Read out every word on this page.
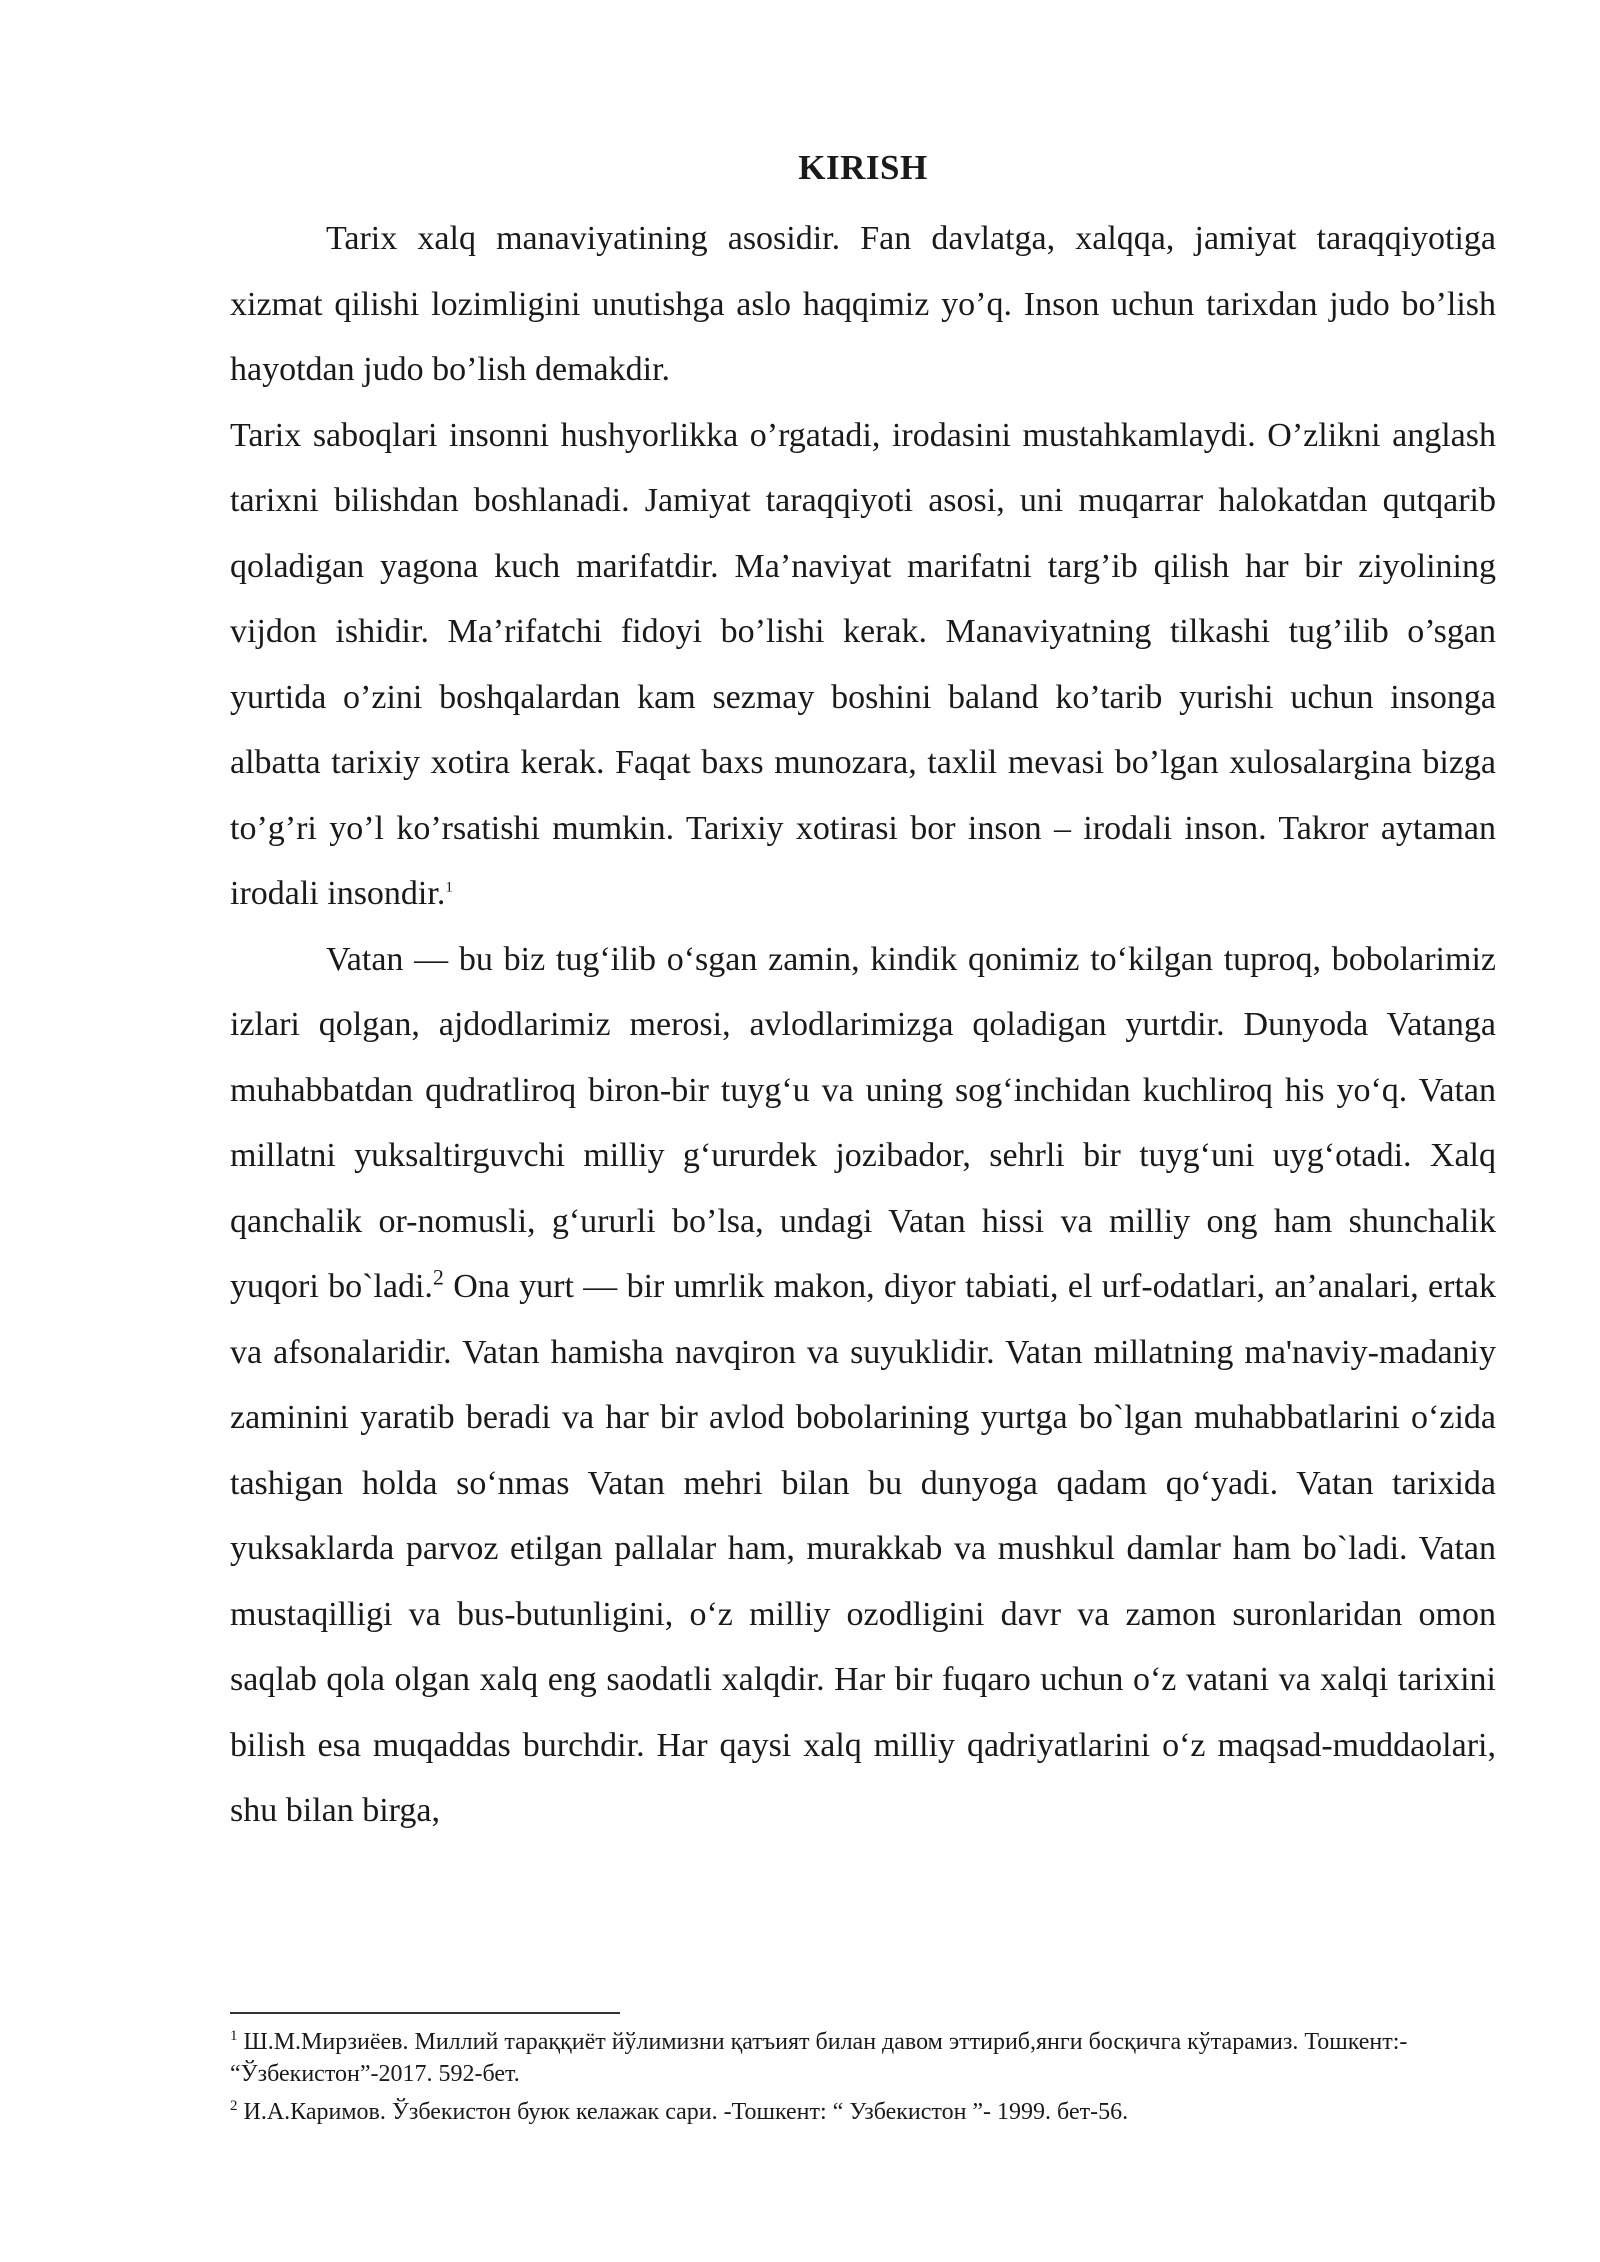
KIRISH

Tarix xalq manaviyatining asosidir. Fan davlatga, xalqqa, jamiyat taraqqiyotiga xizmat qilishi lozimligini unutishga aslo haqqimiz yo’q. Inson uchun tarixdan judo bo’lish hayotdan judo bo’lish demakdir.

Tarix saboqlari insonni hushyorlikka o’rgatadi, irodasini mustahkamlaydi. O’zlikni anglash tarixni bilishdan boshlanadi. Jamiyat taraqqiyoti asosi, uni muqarrar halokatdan qutqarib qoladigan yagona kuch marifatdir. Ma’naviyat marifatni targ’ib qilish har bir ziyolining vijdon ishidir. Ma’rifatchi fidoyi bo’lishi kerak. Manaviyatning tilkashi tug’ilib o’sgan yurtida o’zini boshqalardan kam sezmay boshini baland ko’tarib yurishi uchun insonga albatta tarixiy xotira kerak. Faqat baxs munozara, taxlil mevasi bo’lgan xulosalargina bizga to’g’ri yo’l ko’rsatishi mumkin. Tarixiy xotirasi bor inson – irodali inson. Takror aytaman irodali insondir.$^1$

Vatan — bu biz tug‘ilib o‘sgan zamin, kindik qonimiz to‘kilgan tuproq, bobolarimiz izlari qolgan, ajdodlarimiz merosi, avlodlarimizga qoladigan yurtdir. Dunyoda Vatanga muhabbatdan qudratliroq biron-bir tuyg‘u va uning sog‘inchidan kuchliroq his yo‘q. Vatan millatni yuksaltirguvchi milliy g‘ururdek jozibador, sehrli bir tuyg‘uni uyg‘otadi. Xalq qanchalik or-nomusli, g‘ururli bo’lsa, undagi Vatan hissi va milliy ong ham shunchalik yuqori bo`ladi.$^2$ Ona yurt — bir umrlik makon, diyor tabiati, el urf-odatlari, an’analari, ertak va afsonalaridir. Vatan hamisha navqiron va suyuklidir. Vatan millatning ma'naviy-madaniy zaminini yaratib beradi va har bir avlod bobolarining yurtga bo`lgan muhabbatlarini o‘zida tashigan holda so‘nmas Vatan mehri bilan bu dunyoga qadam qo‘yadi. Vatan tarixida yuksaklarda parvoz etilgan pallalar ham, murakkab va mushkul damlar ham bo`ladi. Vatan mustaqilligi va bus-butunligini, o‘z milliy ozodligini davr va zamon suronlaridan omon saqlab qola olgan xalq eng saodatli xalqdir. Har bir fuqaro uchun o‘z vatani va xalqi tarixini bilish esa muqaddas burchdir. Har qaysi xalq milliy qadriyatlarini o‘z maqsad-muddaolari, shu bilan birga,

$^1$ Ш.М.Мирзиёев. Миллий тараққиёт йўлимизни қатъият билан давом эттириб,янги босқичга кўтарамиз. Тошкент:- “Ўзбекистон”-2017. 592-бет.

$^2$ И.А.Каримов. Ўзбекистон буюк келажак сари. -Тошкент: “ Узбекистон ”- 1999. бет-56.
